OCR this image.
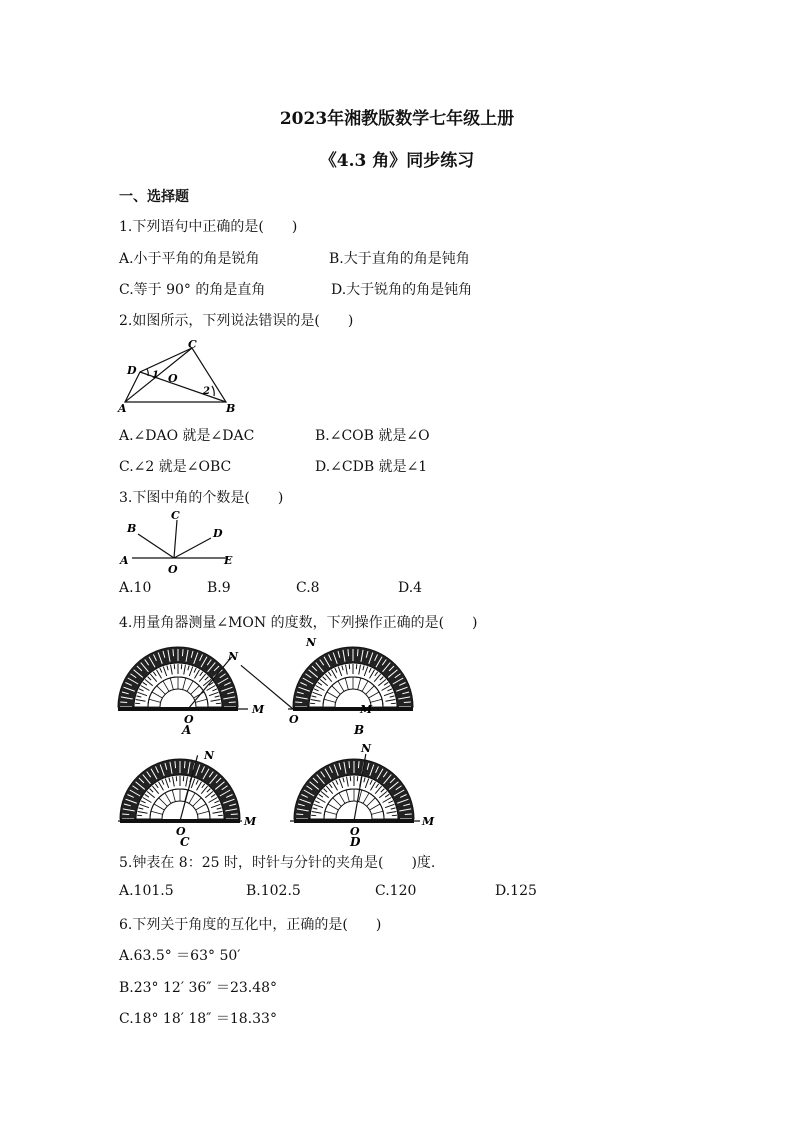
2023年湘教版数学七年级上册
《4.3 角》同步练习
一、选择题
1.下列语句中正确的是(　　)
A.小于平角的角是锐角	B.大于直角的角是钝角
C.等于 90° 的角是直角	D.大于锐角的角是钝角
2.如图所示，下列说法错误的是(　　)
C
D
O
A	B
1
2
A.∠DAO 就是∠DAC	B.∠COB 就是∠O
C.∠2 就是∠OBC	D.∠CDB 就是∠1
3.下图中角的个数是(　　)
A
B
C
D
E
O
A.10	B.9	C.8	D.4
4.用量角器测量∠MON 的度数，下列操作正确的是(　　)
N
M
O
A
N
M
O
B
N
M
O
C
N
M
O
D
5.钟表在 8：25 时，时针与分针的夹角是(　　)度.
A.101.5	B.102.5	C.120	D.125
6.下列关于角度的互化中，正确的是(　　)
A.63.5° ＝63° 50′
B.23° 12′ 36″ ＝23.48°
C.18° 18′ 18″ ＝18.33°
